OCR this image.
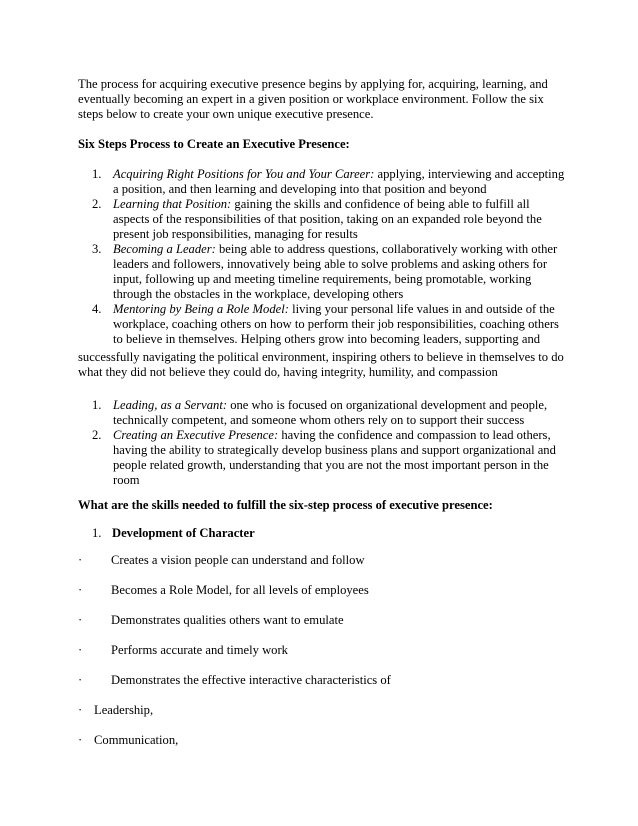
The process for acquiring executive presence begins by applying for, acquiring, learning, and eventually becoming an expert in a given position or workplace environment. Follow the six steps below to create your own unique executive presence.

Six Steps Process to Create an Executive Presence:

1. Acquiring Right Positions for You and Your Career: applying, interviewing and accepting a position, and then learning and developing into that position and beyond
2. Learning that Position: gaining the skills and confidence of being able to fulfill all aspects of the responsibilities of that position, taking on an expanded role beyond the present job responsibilities, managing for results
3. Becoming a Leader: being able to address questions, collaboratively working with other leaders and followers, innovatively being able to solve problems and asking others for input, following up and meeting timeline requirements, being promotable, working through the obstacles in the workplace, developing others
4. Mentoring by Being a Role Model: living your personal life values in and outside of the workplace, coaching others on how to perform their job responsibilities, coaching others to believe in themselves. Helping others grow into becoming leaders, supporting and

successfully navigating the political environment, inspiring others to believe in themselves to do what they did not believe they could do, having integrity, humility, and compassion

1. Leading, as a Servant: one who is focused on organizational development and people, technically competent, and someone whom others rely on to support their success
2. Creating an Executive Presence: having the confidence and compassion to lead others, having the ability to strategically develop business plans and support organizational and people related growth, understanding that you are not the most important person in the room

What are the skills needed to fulfill the six-step process of executive presence:

1. Development of Character

· Creates a vision people can understand and follow
· Becomes a Role Model, for all levels of employees
· Demonstrates qualities others want to emulate
· Performs accurate and timely work
· Demonstrates the effective interactive characteristics of
· Leadership,
· Communication,
